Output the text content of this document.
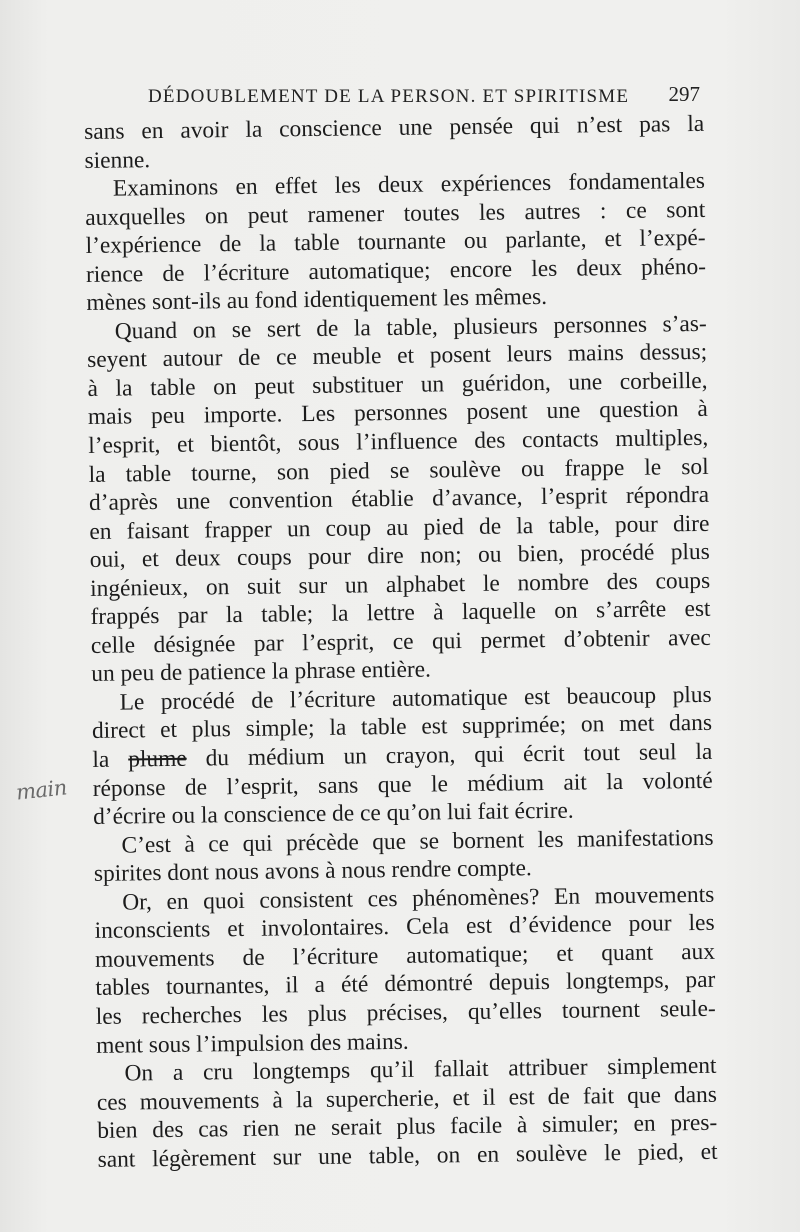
DÉDOUBLEMENT DE LA PERSON. ET SPIRITISME 297
main
sans en avoir la conscience une pensée qui n’est pas la
sienne.
Examinons en effet les deux expériences fondamentales
auxquelles on peut ramener toutes les autres : ce sont
l’expérience de la table tournante ou parlante, et l’expé-
rience de l’écriture automatique; encore les deux phéno-
mènes sont-ils au fond identiquement les mêmes.
Quand on se sert de la table, plusieurs personnes s’as-
seyent autour de ce meuble et posent leurs mains dessus;
à la table on peut substituer un guéridon, une corbeille,
mais peu importe. Les personnes posent une question à
l’esprit, et bientôt, sous l’influence des contacts multiples,
la table tourne, son pied se soulève ou frappe le sol
d’après une convention établie d’avance, l’esprit répondra
en faisant frapper un coup au pied de la table, pour dire
oui, et deux coups pour dire non; ou bien, procédé plus
ingénieux, on suit sur un alphabet le nombre des coups
frappés par la table; la lettre à laquelle on s’arrête est
celle désignée par l’esprit, ce qui permet d’obtenir avec
un peu de patience la phrase entière.
Le procédé de l’écriture automatique est beaucoup plus
direct et plus simple; la table est supprimée; on met dans
la plume du médium un crayon, qui écrit tout seul la
réponse de l’esprit, sans que le médium ait la volonté
d’écrire ou la conscience de ce qu’on lui fait écrire.
C’est à ce qui précède que se bornent les manifestations
spirites dont nous avons à nous rendre compte.
Or, en quoi consistent ces phénomènes? En mouvements
inconscients et involontaires. Cela est d’évidence pour les
mouvements de l’écriture automatique; et quant aux
tables tournantes, il a été démontré depuis longtemps, par
les recherches les plus précises, qu’elles tournent seule-
ment sous l’impulsion des mains.
On a cru longtemps qu’il fallait attribuer simplement
ces mouvements à la supercherie, et il est de fait que dans
bien des cas rien ne serait plus facile à simuler; en pres-
sant légèrement sur une table, on en soulève le pied, et
